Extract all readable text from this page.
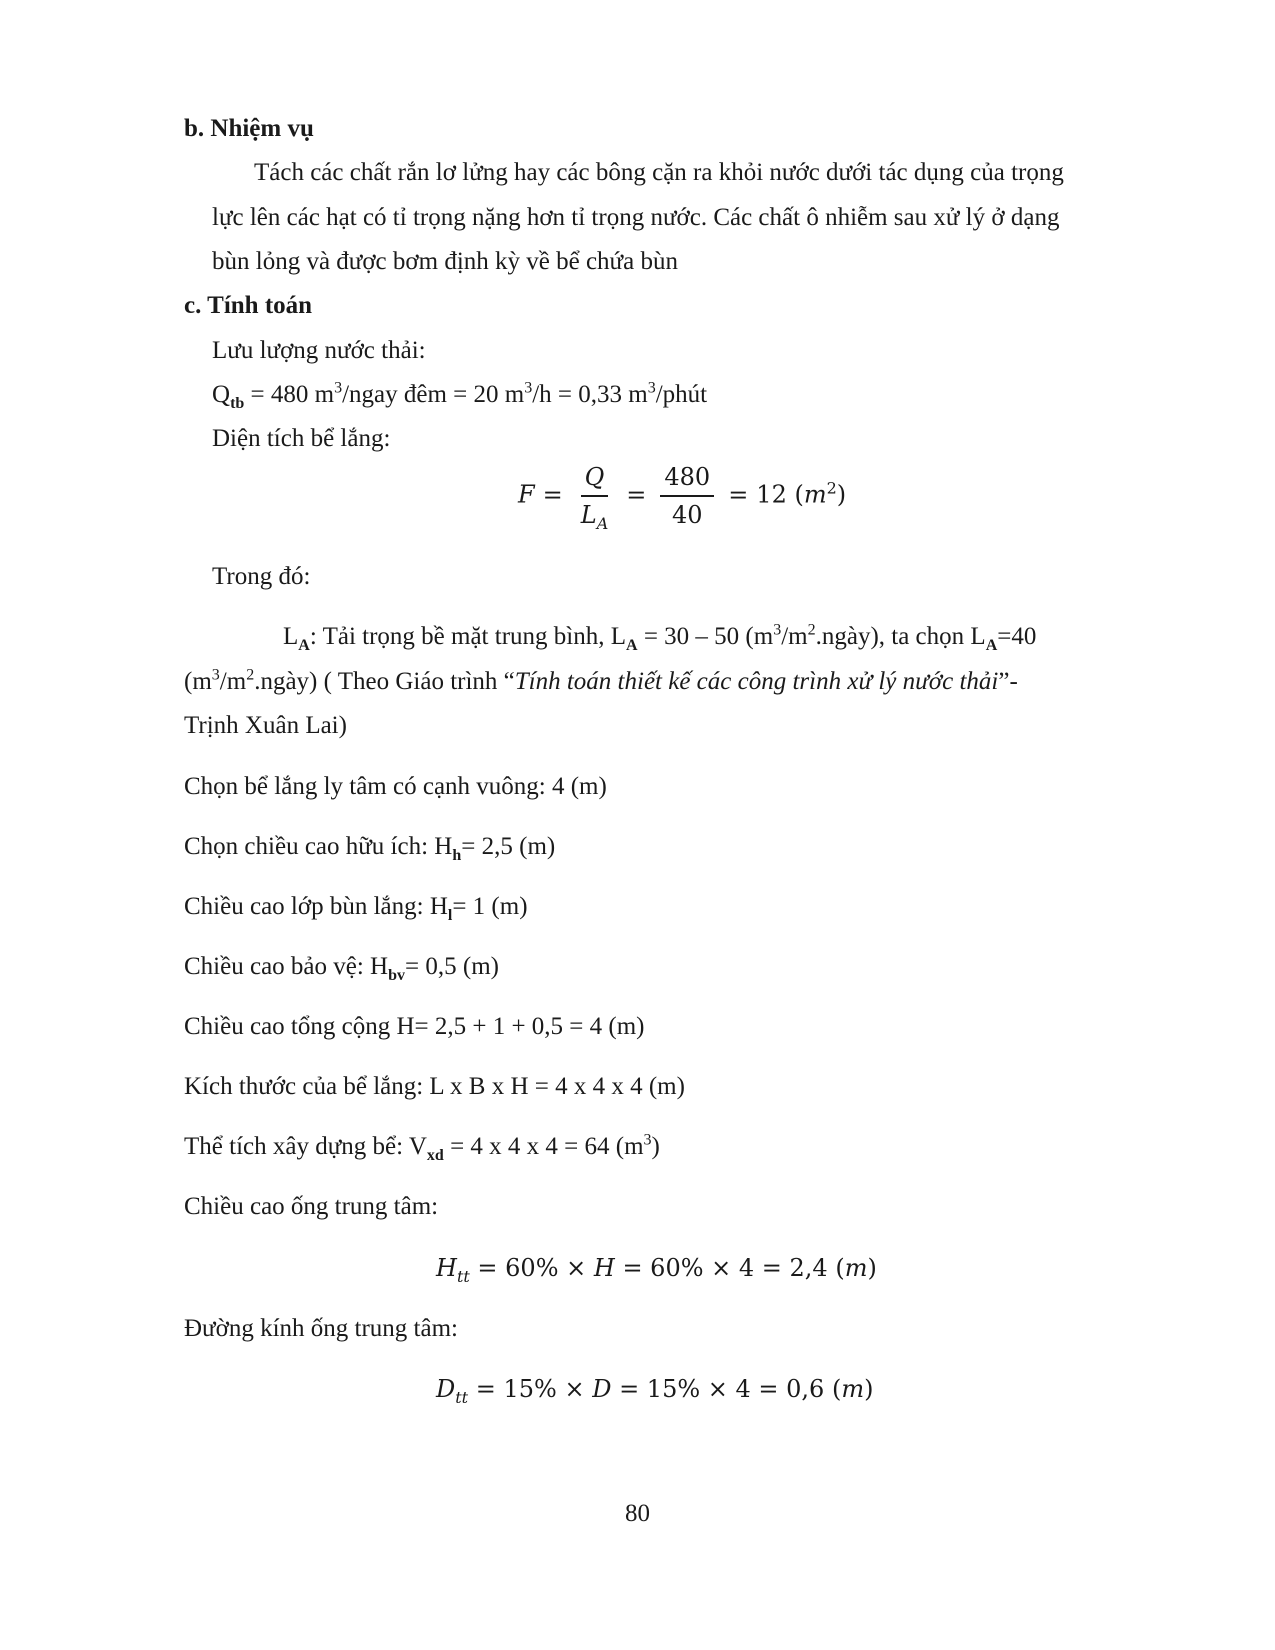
b. Nhiệm vụ
Tách các chất rắn lơ lửng hay các bông cặn ra khỏi nước dưới tác dụng của trọng
lực lên các hạt có tỉ trọng nặng hơn tỉ trọng nước. Các chất ô nhiễm sau xử lý ở dạng
bùn lỏng và được bơm định kỳ về bể chứa bùn
c. Tính toán
Lưu lượng nước thải:
$Q_{tb} = 480$ $m^3$/ngay đêm = 20 $m^3/h = 0,33$ $m^3$/phút
Diện tích bể lắng:
$F = \frac{Q}{L_A} = \frac{480}{40} = 12$ $(m^2)$
Trong đó:
$L_A$: Tải trọng bề mặt trung bình, $L_A = 30 - 50$ $(m^3/m^2.ngày)$, ta chọn $L_A=40$
$(m^3/m^2.ngày)$ ( Theo Giáo trình “Tính toán thiết kế các công trình xử lý nước thải”-
Trịnh Xuân Lai)
Chọn bể lắng ly tâm có cạnh vuông: 4 (m)
Chọn chiều cao hữu ích: $H_h= 2,5$ (m)
Chiều cao lớp bùn lắng: $H_l= 1$ (m)
Chiều cao bảo vệ: $H_{bv}= 0,5$ (m)
Chiều cao tổng cộng H= 2,5 + 1 + 0,5 = 4 (m)
Kích thước của bể lắng: L x B x H = 4 x 4 x 4 (m)
Thể tích xây dựng bể: $V_{xd} = 4$ x 4 x 4 = 64 $(m^3)$
Chiều cao ống trung tâm:
$H_{tt} = 60\% \times H = 60\% \times 4 = 2,4$ (m)
Đường kính ống trung tâm:
$D_{tt} = 15\% \times D = 15\% \times 4 = 0,6$ (m)
80
